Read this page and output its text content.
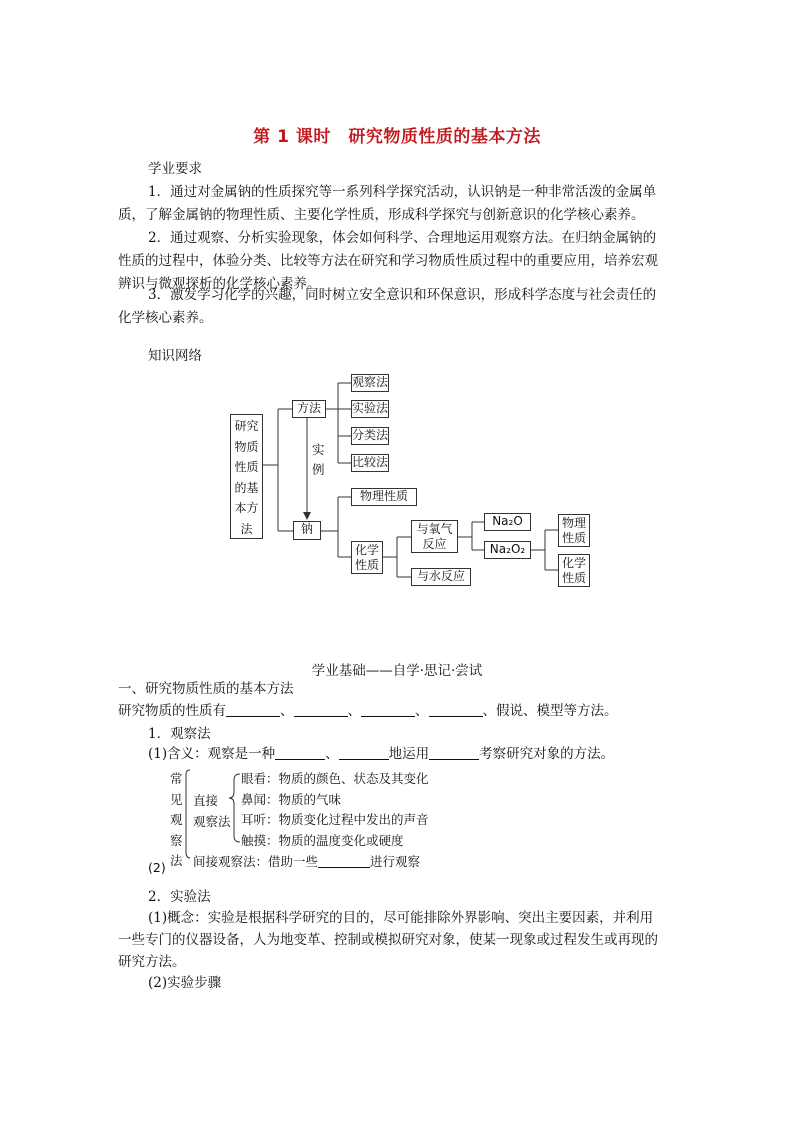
第 1 课时　研究物质性质的基本方法
学业要求
1．通过对金属钠的性质探究等一系列科学探究活动，认识钠是一种非常活泼的金属单
质，了解金属钠的物理性质、主要化学性质，形成科学探究与创新意识的化学核心素养。
2．通过观察、分析实验现象，体会如何科学、合理地运用观察方法。在归纳金属钠的
性质的过程中，体验分类、比较等方法在研究和学习物质性质过程中的重要应用，培养宏观
辨识与微观探析的化学核心素养。
3．激发学习化学的兴趣，同时树立安全意识和环保意识，形成科学态度与社会责任的
化学核心素养。
知识网络
研究
物质
性质
的基
本方
法
方法
观察法
实验法
分类法
比较法
实
例
钠
物理性质
化学
性质
与氧气
反应
与水反应
Na₂O
Na₂O₂
物理
性质
化学
性质
学业基础——自学·思记·尝试
一、研究物质性质的基本方法
研究物质的性质有	、	、	、	、假说、模型等方法。
1．观察法
(1)含义：观察是一种	、	地运用	考察研究对象的方法。
常
见
观
察
法
(2)
直接
观察法
眼看：物质的颜色、状态及其变化
鼻闻：物质的气味
耳听：物质变化过程中发出的声音
触摸：物质的温度变化或硬度
间接观察法：借助一些	进行观察
2．实验法
(1)概念：实验是根据科学研究的目的，尽可能排除外界影响、突出主要因素，并利用
一些专门的仪器设备，人为地变革、控制或模拟研究对象，使某一现象或过程发生或再现的
研究方法。
(2)实验步骤
